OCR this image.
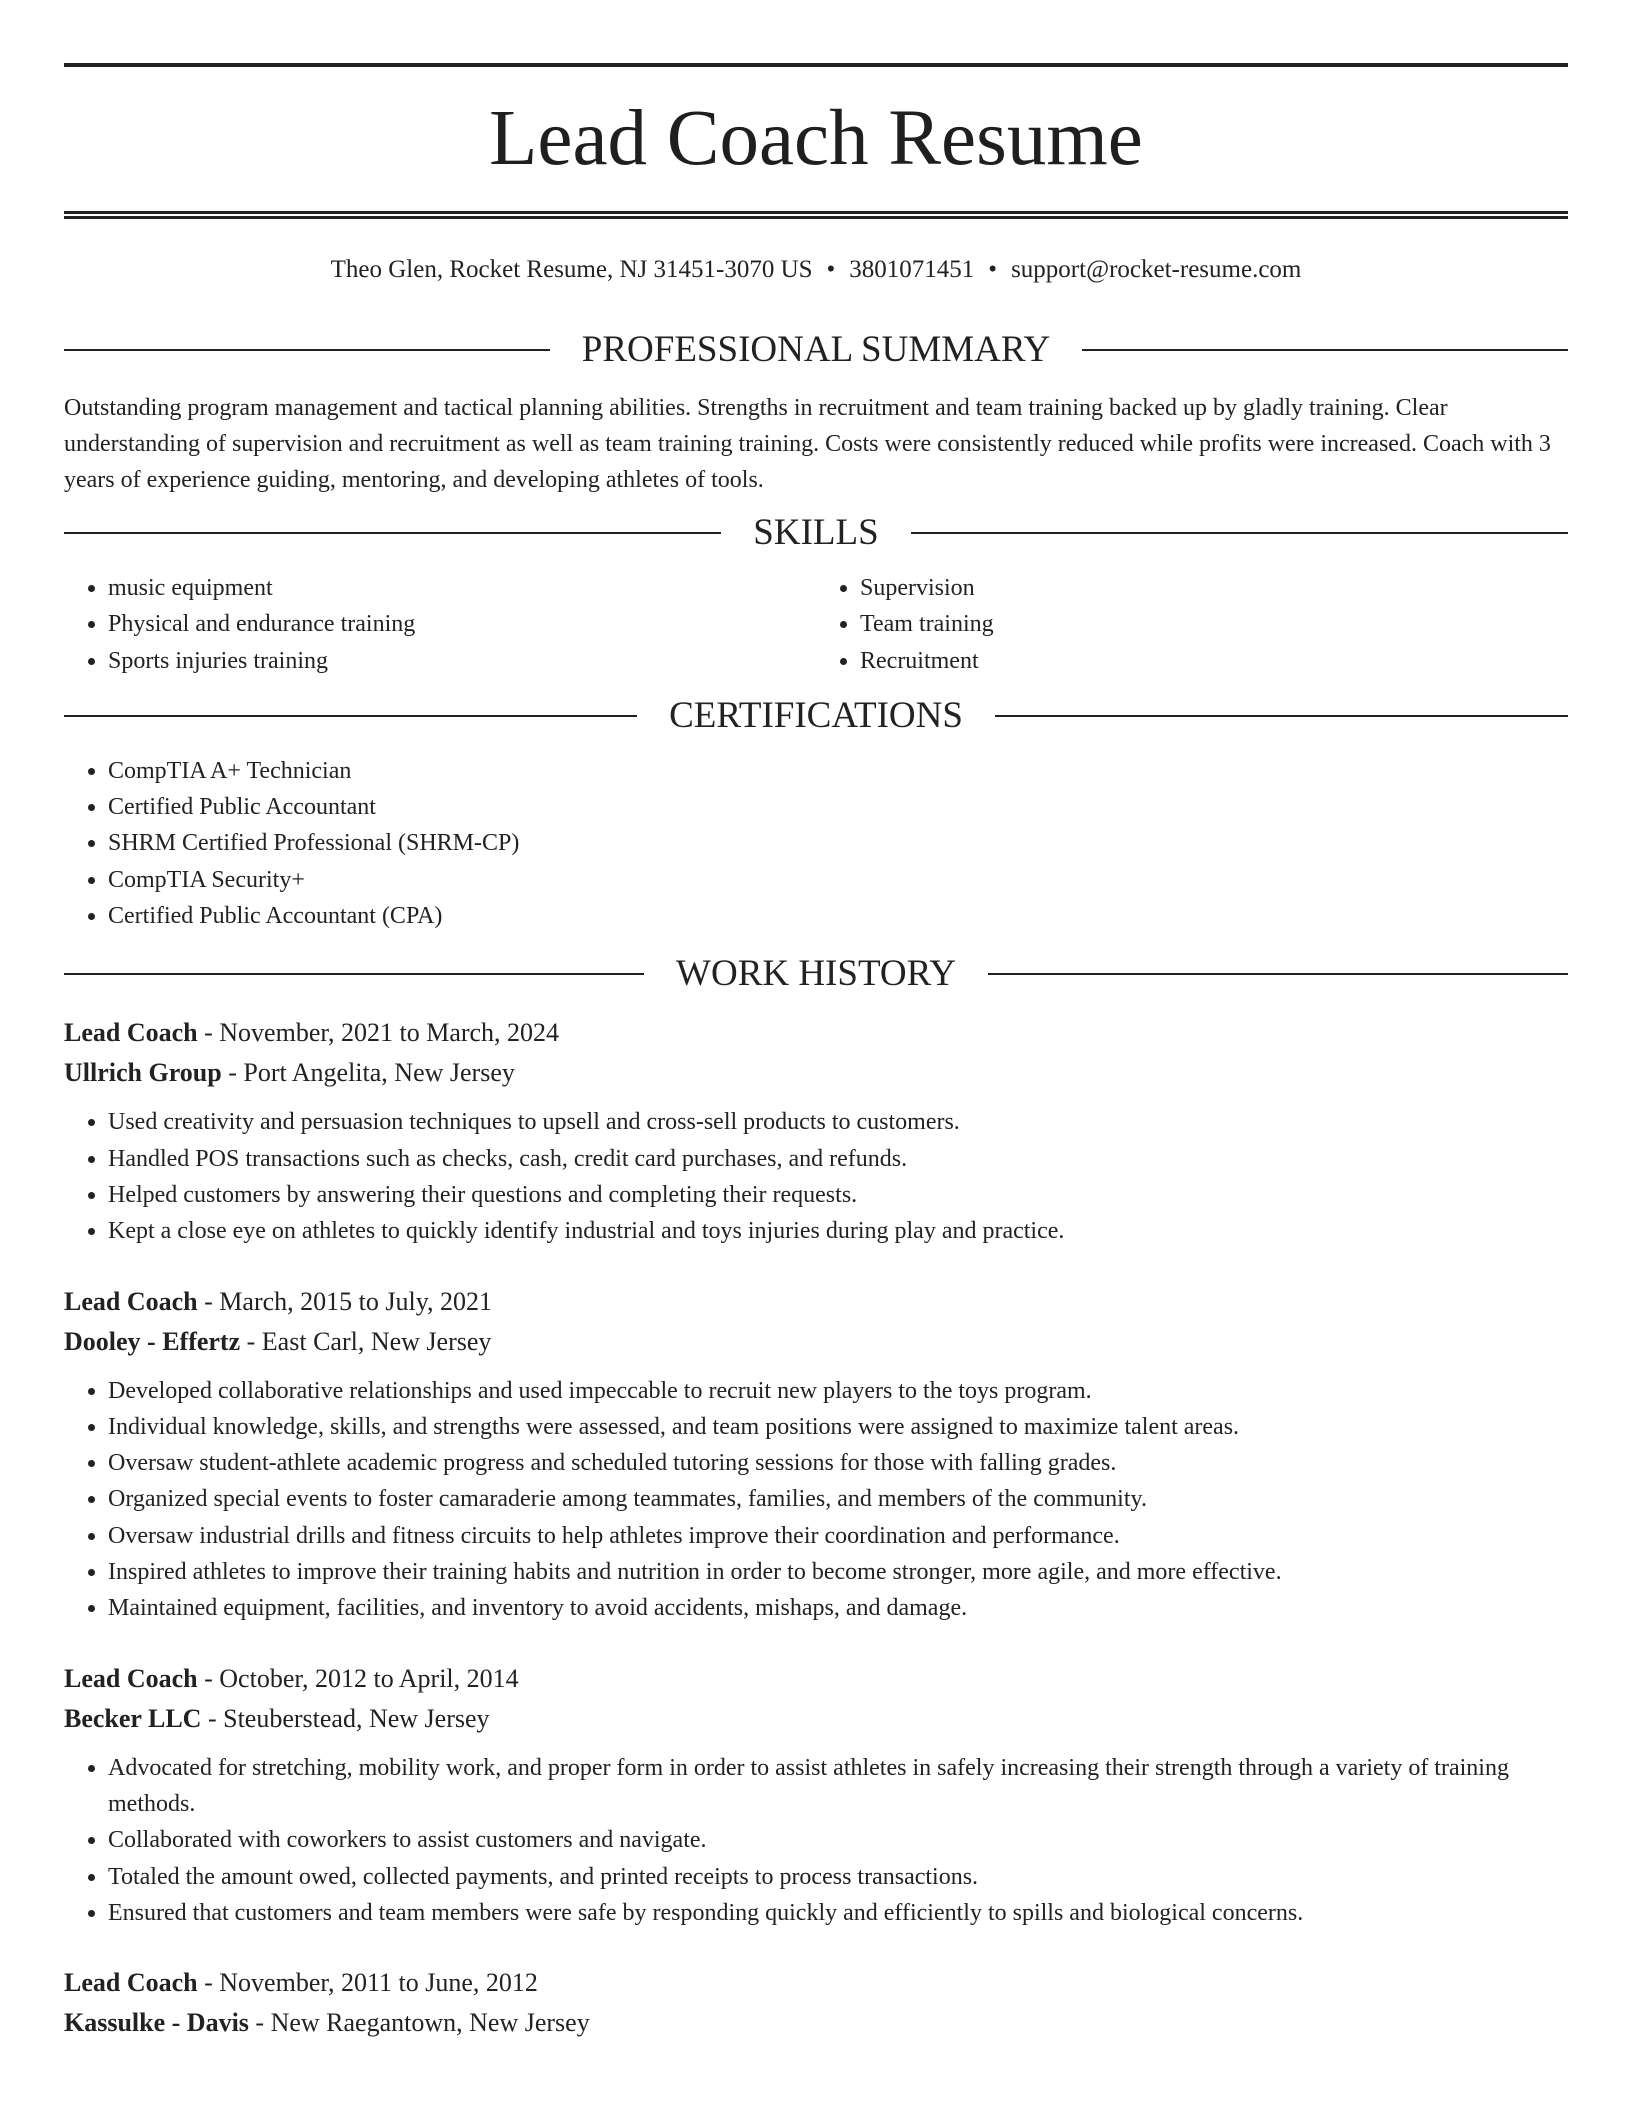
Lead Coach Resume
Theo Glen, Rocket Resume, NJ 31451-3070 US • 3801071451 • support@rocket-resume.com
PROFESSIONAL SUMMARY

Outstanding program management and tactical planning abilities. Strengths in recruitment and team training backed up by gladly training. Clear understanding of supervision and recruitment as well as team training training. Costs were consistently reduced while profits were increased. Coach with 3 years of experience guiding, mentoring, and developing athletes of tools.

SKILLS
• music equipment
• Physical and endurance training
• Sports injuries training
• Supervision
• Team training
• Recruitment
CERTIFICATIONS
• CompTIA A+ Technician
• Certified Public Accountant
• SHRM Certified Professional (SHRM-CP)
• CompTIA Security+
• Certified Public Accountant (CPA)
WORK HISTORY
Lead Coach - November, 2021 to March, 2024
Ullrich Group - Port Angelita, New Jersey
• Used creativity and persuasion techniques to upsell and cross-sell products to customers.
• Handled POS transactions such as checks, cash, credit card purchases, and refunds.
• Helped customers by answering their questions and completing their requests.
• Kept a close eye on athletes to quickly identify industrial and toys injuries during play and practice.
Lead Coach - March, 2015 to July, 2021
Dooley - Effertz - East Carl, New Jersey
• Developed collaborative relationships and used impeccable to recruit new players to the toys program.
• Individual knowledge, skills, and strengths were assessed, and team positions were assigned to maximize talent areas.
• Oversaw student-athlete academic progress and scheduled tutoring sessions for those with falling grades.
• Organized special events to foster camaraderie among teammates, families, and members of the community.
• Oversaw industrial drills and fitness circuits to help athletes improve their coordination and performance.
• Inspired athletes to improve their training habits and nutrition in order to become stronger, more agile, and more effective.
• Maintained equipment, facilities, and inventory to avoid accidents, mishaps, and damage.
Lead Coach - October, 2012 to April, 2014
Becker LLC - Steuberstead, New Jersey
• Advocated for stretching, mobility work, and proper form in order to assist athletes in safely increasing their strength through a variety of training methods.
• Collaborated with coworkers to assist customers and navigate.
• Totaled the amount owed, collected payments, and printed receipts to process transactions.
• Ensured that customers and team members were safe by responding quickly and efficiently to spills and biological concerns.
Lead Coach - November, 2011 to June, 2012
Kassulke - Davis - New Raegantown, New Jersey
